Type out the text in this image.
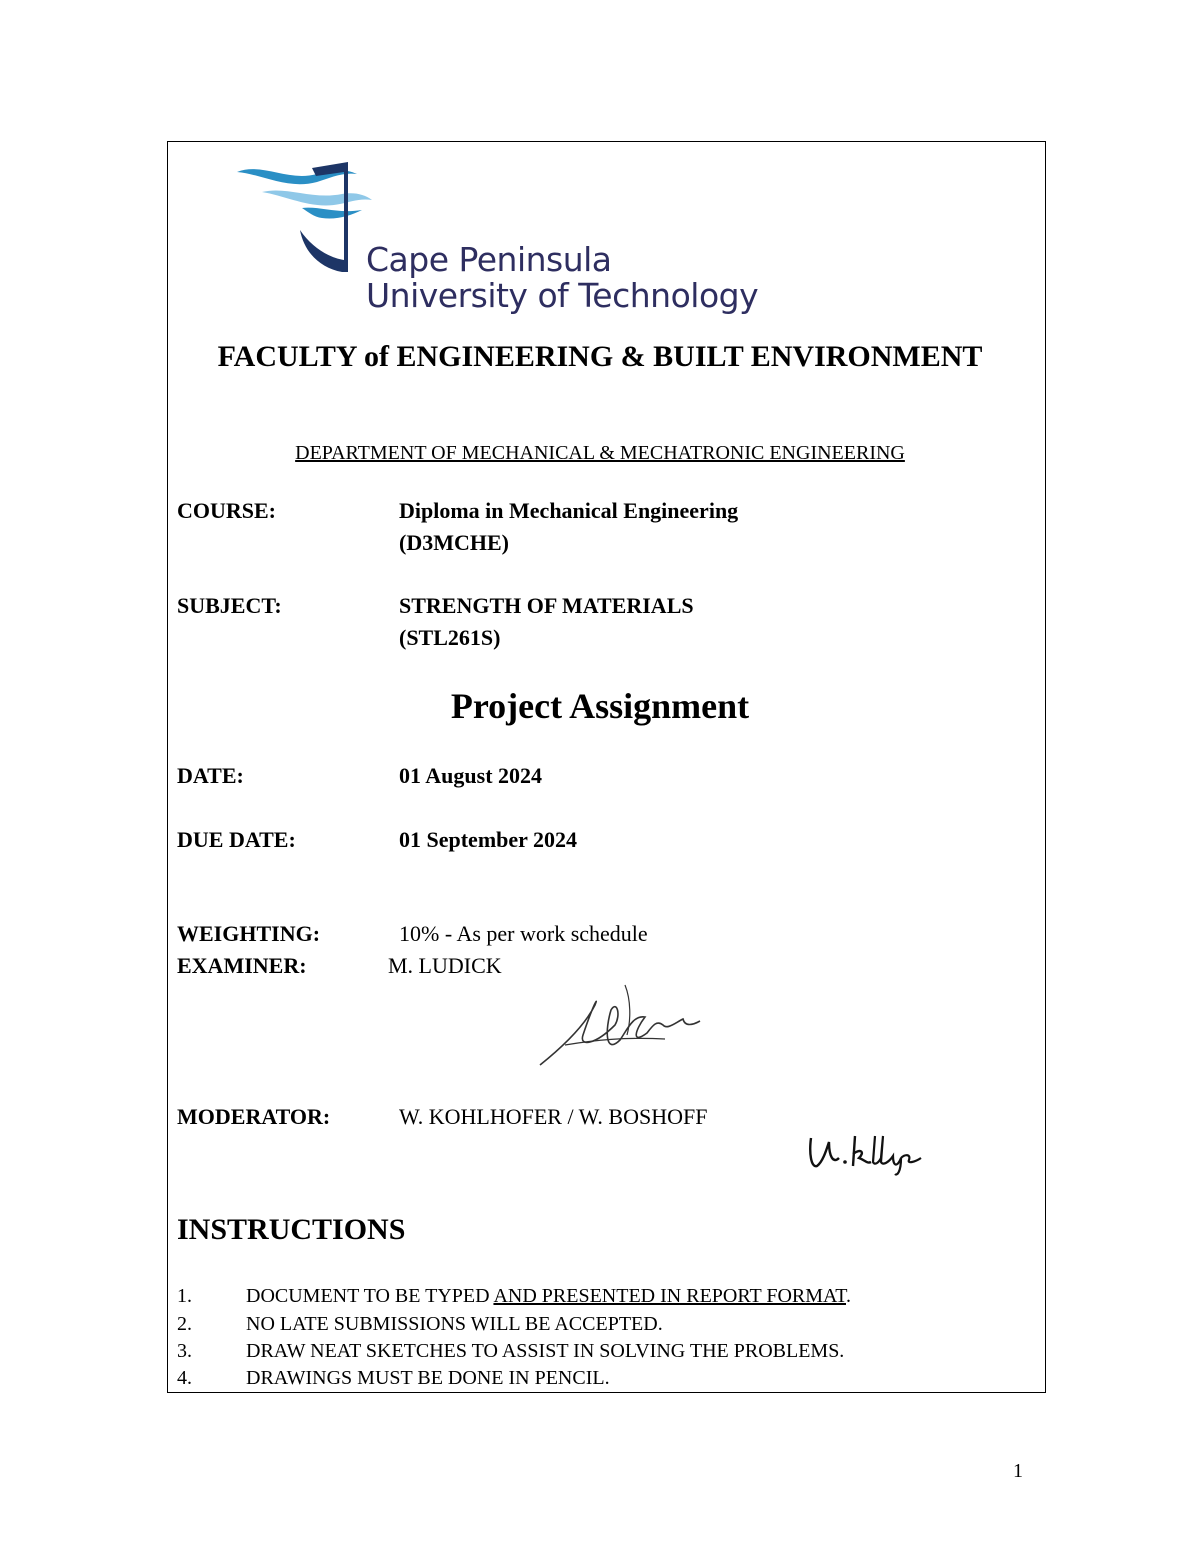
Cape Peninsula
University of Technology
FACULTY of ENGINEERING & BUILT ENVIRONMENT
DEPARTMENT OF MECHANICAL & MECHATRONIC ENGINEERING
COURSE:	Diploma in Mechanical Engineering
(D3MCHE)
SUBJECT:	STRENGTH OF MATERIALS
(STL261S)
Project Assignment
DATE:	01 August 2024
DUE DATE:	01 September 2024
WEIGHTING:	10% - As per work schedule
EXAMINER:	M. LUDICK
MODERATOR:	W. KOHLHOFER / W. BOSHOFF
INSTRUCTIONS
1.	DOCUMENT TO BE TYPED AND PRESENTED IN REPORT FORMAT.
2.	NO LATE SUBMISSIONS WILL BE ACCEPTED.
3.	DRAW NEAT SKETCHES TO ASSIST IN SOLVING THE PROBLEMS.
4.	DRAWINGS MUST BE DONE IN PENCIL.
1
